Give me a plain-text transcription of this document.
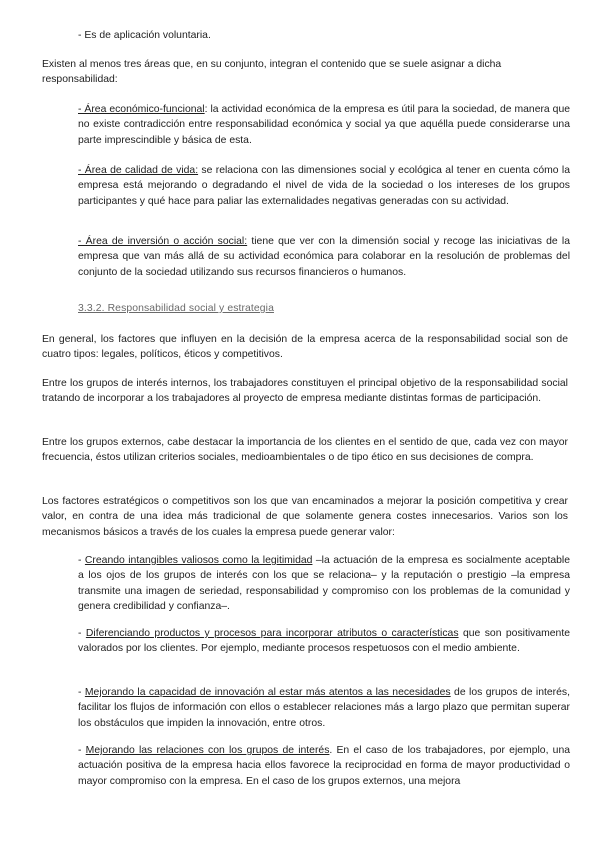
- Es de aplicación voluntaria.

Existen al menos tres áreas que, en su conjunto, integran el contenido que se suele asignar a dicha responsabilidad:

- Área económico-funcional: la actividad económica de la empresa es útil para la sociedad, de manera que no existe contradicción entre responsabilidad económica y social ya que aquélla puede considerarse una parte imprescindible y básica de esta.

- Área de calidad de vida: se relaciona con las dimensiones social y ecológica al tener en cuenta cómo la empresa está mejorando o degradando el nivel de vida de la sociedad o los intereses de los grupos participantes y qué hace para paliar las externalidades negativas generadas con su actividad.

- Área de inversión o acción social: tiene que ver con la dimensión social y recoge las iniciativas de la empresa que van más allá de su actividad económica para colaborar en la resolución de problemas del conjunto de la sociedad utilizando sus recursos financieros o humanos.

3.3.2. Responsabilidad social y estrategia

En general, los factores que influyen en la decisión de la empresa acerca de la responsabilidad social son de cuatro tipos: legales, políticos, éticos y competitivos.

Entre los grupos de interés internos, los trabajadores constituyen el principal objetivo de la responsabilidad social tratando de incorporar a los trabajadores al proyecto de empresa mediante distintas formas de participación.

Entre los grupos externos, cabe destacar la importancia de los clientes en el sentido de que, cada vez con mayor frecuencia, éstos utilizan criterios sociales, medioambientales o de tipo ético en sus decisiones de compra.

Los factores estratégicos o competitivos son los que van encaminados a mejorar la posición competitiva y crear valor, en contra de una idea más tradicional de que solamente genera costes innecesarios. Varios son los mecanismos básicos a través de los cuales la empresa puede generar valor:

- Creando intangibles valiosos como la legitimidad –la actuación de la empresa es socialmente aceptable a los ojos de los grupos de interés con los que se relaciona– y la reputación o prestigio –la empresa transmite una imagen de seriedad, responsabilidad y compromiso con los problemas de la comunidad y genera credibilidad y confianza–.

- Diferenciando productos y procesos para incorporar atributos o características que son positivamente valorados por los clientes. Por ejemplo, mediante procesos respetuosos con el medio ambiente.

- Mejorando la capacidad de innovación al estar más atentos a las necesidades de los grupos de interés, facilitar los flujos de información con ellos o establecer relaciones más a largo plazo que permitan superar los obstáculos que impiden la innovación, entre otros.

- Mejorando las relaciones con los grupos de interés. En el caso de los trabajadores, por ejemplo, una actuación positiva de la empresa hacia ellos favorece la reciprocidad en forma de mayor productividad o mayor compromiso con la empresa. En el caso de los grupos externos, una mejora
